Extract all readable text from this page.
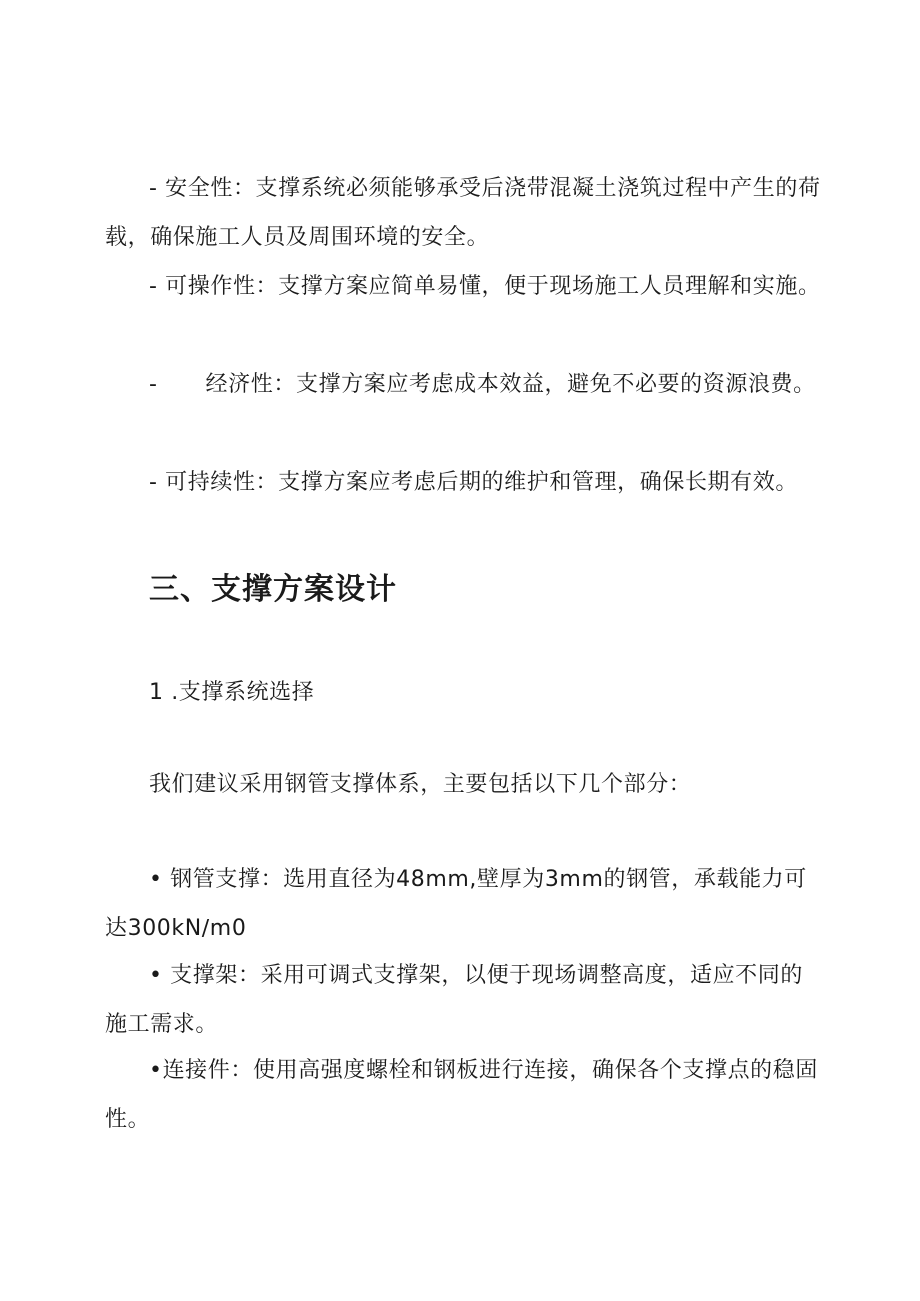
- 安全性：支撑系统必须能够承受后浇带混凝土浇筑过程中产生的荷载，确保施工人员及周围环境的安全。

- 可操作性：支撑方案应简单易懂，便于现场施工人员理解和实施。

- 经济性：支撑方案应考虑成本效益，避免不必要的资源浪费。

- 可持续性：支撑方案应考虑后期的维护和管理，确保长期有效。

三、支撑方案设计

1 .支撑系统选择

我们建议采用钢管支撑体系，主要包括以下几个部分：

• 钢管支撑：选用直径为48mm,壁厚为3mm的钢管，承载能力可达300kN∕m0

• 支撑架：采用可调式支撑架，以便于现场调整高度，适应不同的施工需求。

•连接件：使用高强度螺栓和钢板进行连接，确保各个支撑点的稳固性。
